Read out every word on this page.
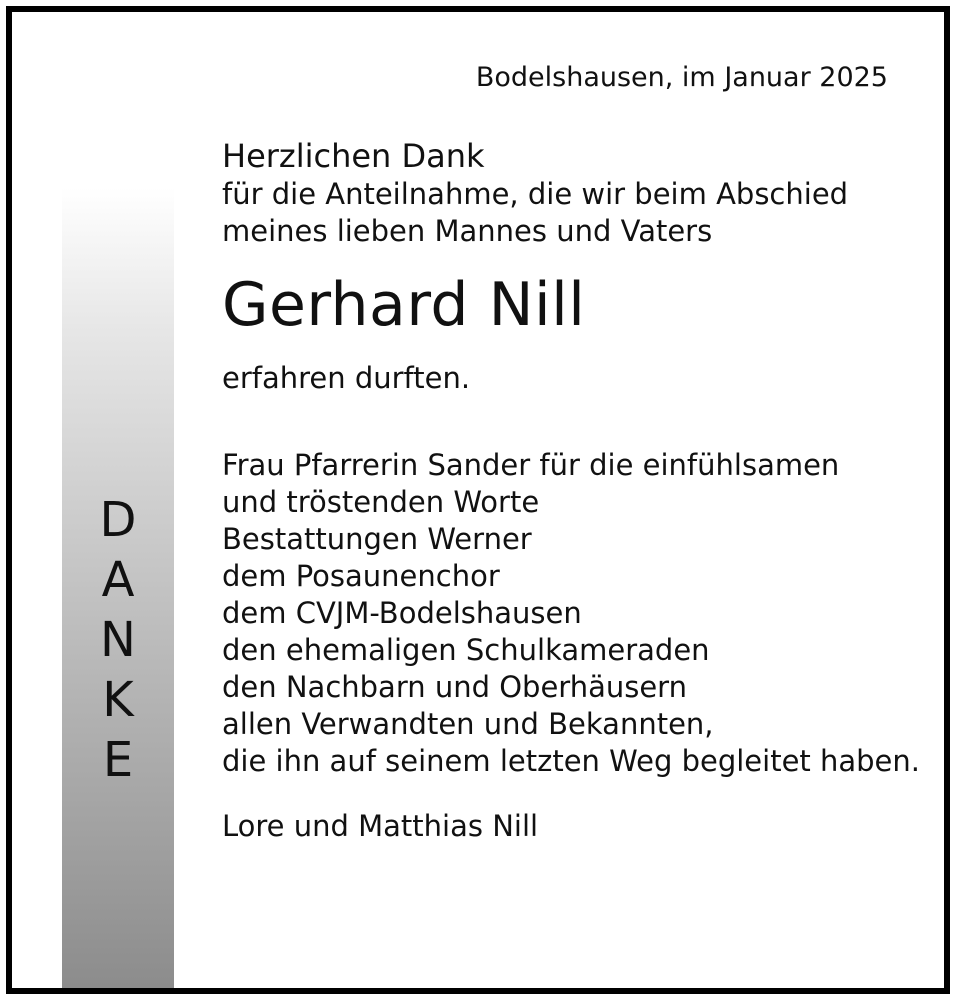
D
A
N
K
E
Bodelshausen, im Januar 2025
Herzlichen Dank
für die Anteilnahme, die wir beim Abschied
meines lieben Mannes und Vaters
Gerhard Nill
erfahren durften.
Frau Pfarrerin Sander für die einfühlsamen
und tröstenden Worte
Bestattungen Werner
dem Posaunenchor
dem CVJM-Bodelshausen
den ehemaligen Schulkameraden
den Nachbarn und Oberhäusern
allen Verwandten und Bekannten,
die ihn auf seinem letzten Weg begleitet haben.
Lore und Matthias Nill
